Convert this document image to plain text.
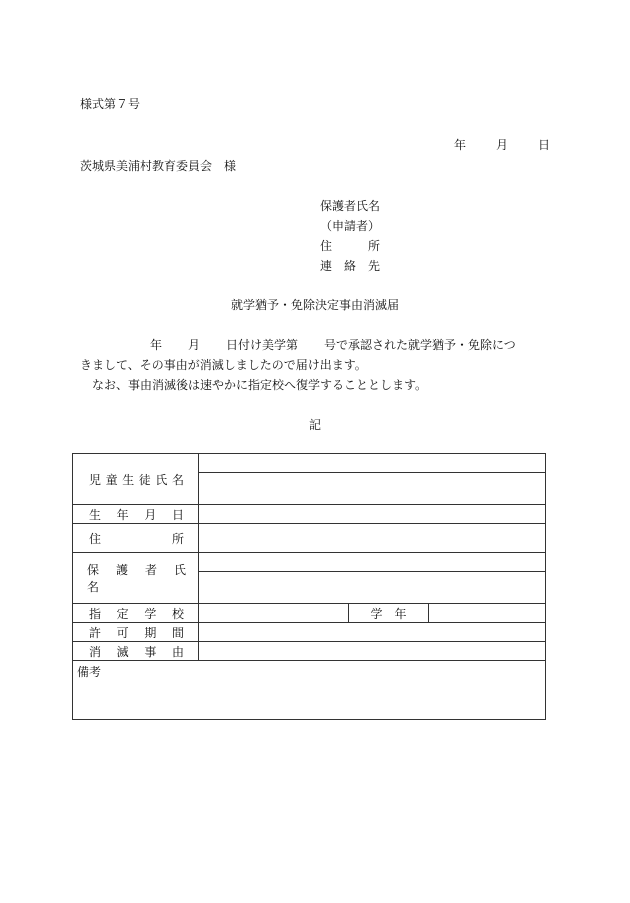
様式第７号
年	月	日
茨城県美浦村教育委員会　様
保護者氏名
（申請者）
住　　　所
連　絡　先
就学猶予・免除決定事由消滅届

年 月 日付け美学第 号で承認された就学猶予・免除につ

きまして、その事由が消滅しましたので届け出ます。

なお、事由消滅後は速やかに指定校へ復学することとします。

記
児童生徒氏名			

生　年　月　日			
住　　　所			
保　護　者　氏　名			

指　定　学　校		学　年	
許　可　期　間			
消　滅　事　由			
備考			
